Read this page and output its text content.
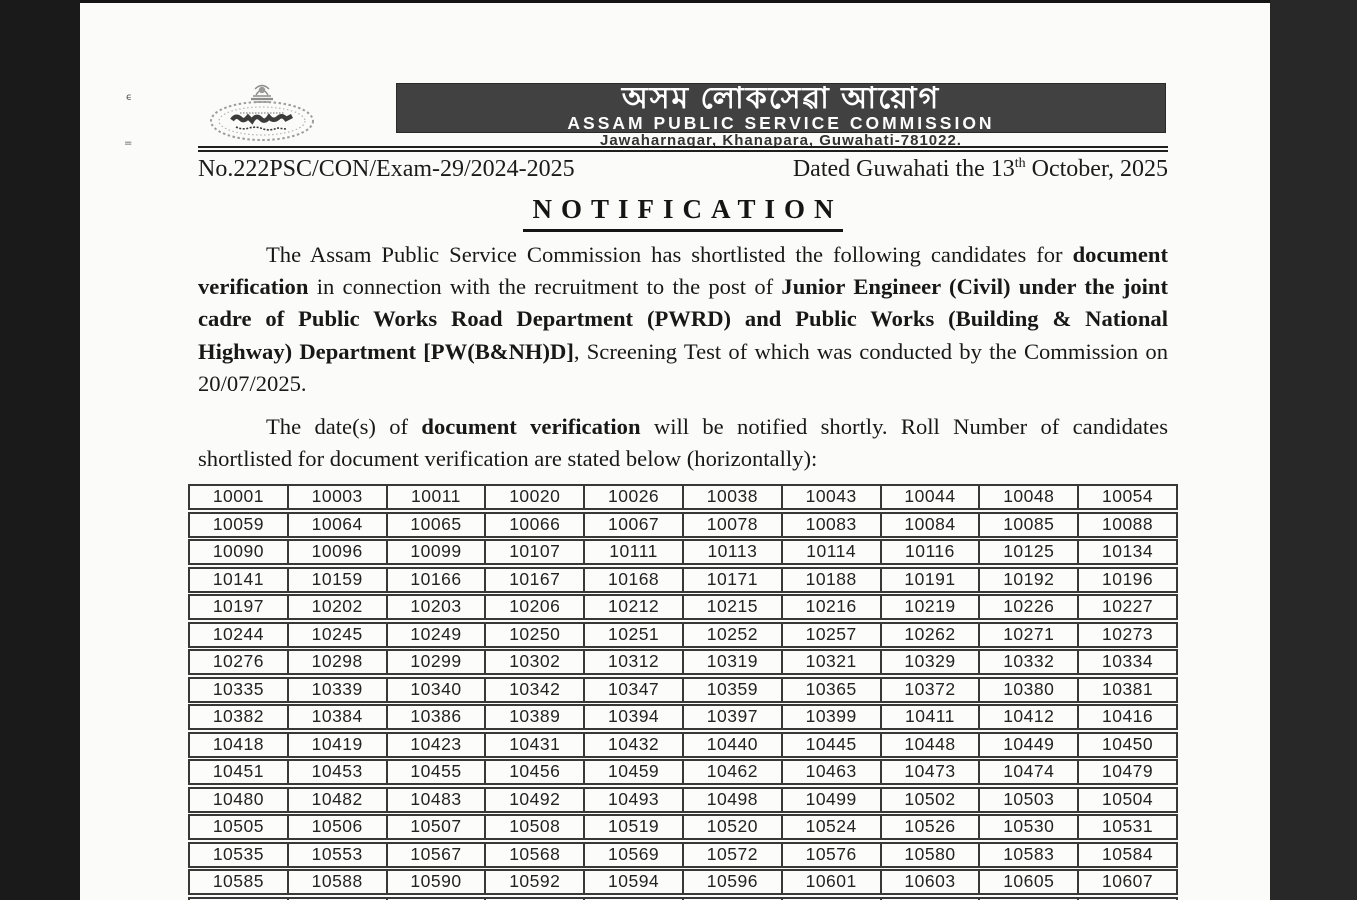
ϵ
=
অসম লোকসেৱা আয়োগ
ASSAM PUBLIC SERVICE COMMISSION
Jawaharnagar, Khanapara, Guwahati-781022.
No.222PSC/CON/Exam-29/2024-2025	Dated Guwahati the 13th October, 2025
NOTIFICATION

The Assam Public Service Commission has shortlisted the following candidates for document verification in connection with the recruitment to the post of Junior Engineer (Civil) under the joint cadre of Public Works Road Department (PWRD) and Public Works (Building & National Highway) Department [PW(B&NH)D], Screening Test of which was conducted by the Commission on 20/07/2025.

The date(s) of document verification will be notified shortly. Roll Number of candidates shortlisted for document verification are stated below (horizontally):

10001	10003	10011	10020	10026	10038	10043	10044	10048	10054
10059	10064	10065	10066	10067	10078	10083	10084	10085	10088
10090	10096	10099	10107	10111	10113	10114	10116	10125	10134
10141	10159	10166	10167	10168	10171	10188	10191	10192	10196
10197	10202	10203	10206	10212	10215	10216	10219	10226	10227
10244	10245	10249	10250	10251	10252	10257	10262	10271	10273
10276	10298	10299	10302	10312	10319	10321	10329	10332	10334
10335	10339	10340	10342	10347	10359	10365	10372	10380	10381
10382	10384	10386	10389	10394	10397	10399	10411	10412	10416
10418	10419	10423	10431	10432	10440	10445	10448	10449	10450
10451	10453	10455	10456	10459	10462	10463	10473	10474	10479
10480	10482	10483	10492	10493	10498	10499	10502	10503	10504
10505	10506	10507	10508	10519	10520	10524	10526	10530	10531
10535	10553	10567	10568	10569	10572	10576	10580	10583	10584
10585	10588	10590	10592	10594	10596	10601	10603	10605	10607
